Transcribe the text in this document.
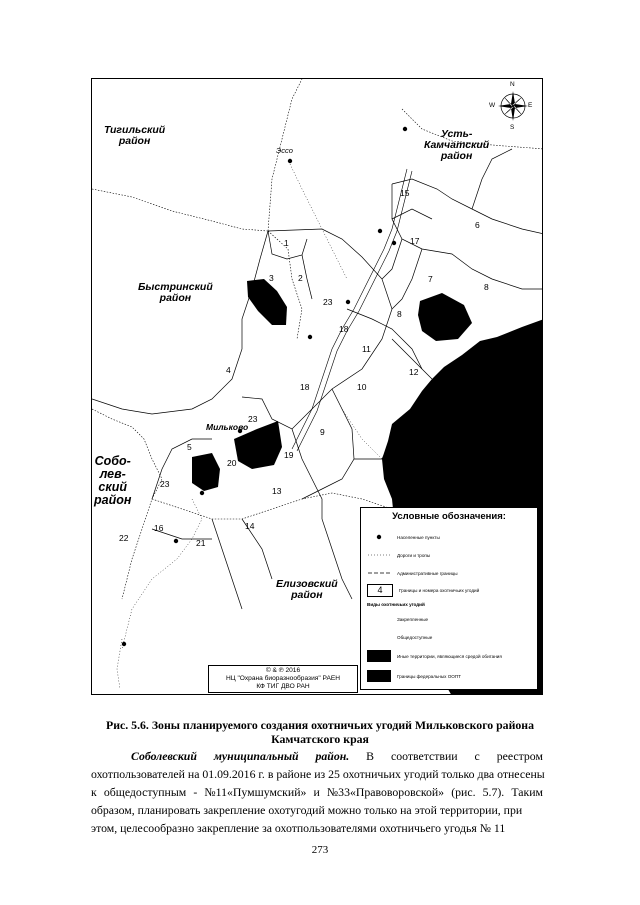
N
S
E
W
Тигильский
район
Усть-
Камчатский
район
Быстринский
район
Собо-
лев-
ский
район
Елизовский
район
Эссо
Мильково
1
2
3
4
5
6
7
8
8
9
10
11
12
13
14
15
16
17
18
18
19
20
21
22
23
23
23
Условные обозначения:
Населенные пункты
Дороги и тропы
Административные границы
4	Границы и номера охотничьих угодий
Виды охотничьих угодий
Закрепленные
Общедоступные
Иные территории, являющиеся средой обитания
Границы федеральных ООПТ
© & ℗ 2016
НЦ "Охрана биоразнообразия" РАЕН
КФ ТИГ ДВО РАН
Рис. 5.6. Зоны планируемого создания охотничьих угодий Мильковского района
Камчатского края
Соболевский муниципальный район. В соответствии с реестром
охотпользователей на 01.09.2016 г. в районе из 25 охотничьих угодий только два отнесены
к общедоступным - №11«Пумшумский» и №33«Правоворовской» (рис. 5.7). Таким
образом, планировать закрепление охотугодий можно только на этой территории, при
этом, целесообразно закрепление за охотпользователями охотничьего угодья № 11
273
